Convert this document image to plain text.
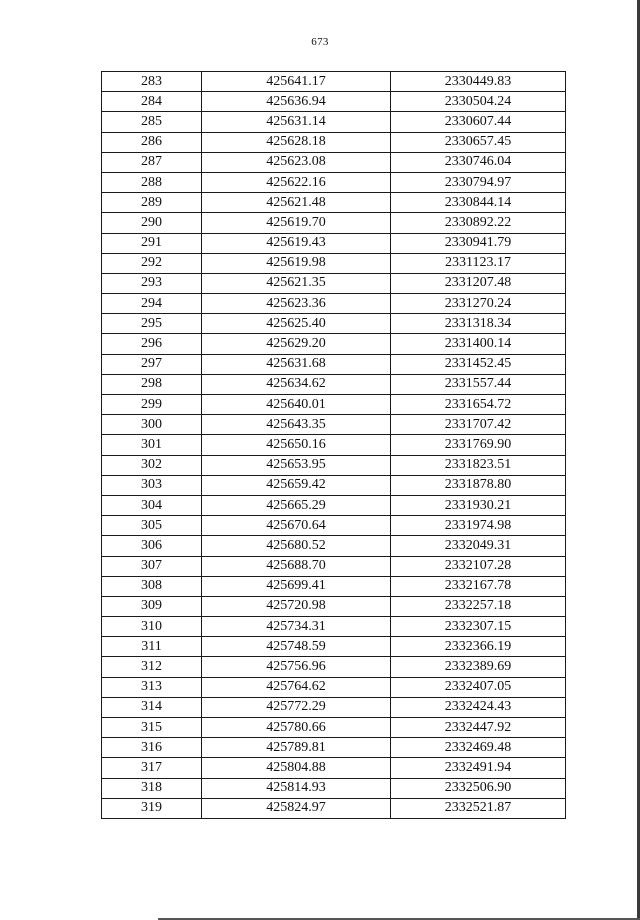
673
283	425641.17	2330449.83
284	425636.94	2330504.24
285	425631.14	2330607.44
286	425628.18	2330657.45
287	425623.08	2330746.04
288	425622.16	2330794.97
289	425621.48	2330844.14
290	425619.70	2330892.22
291	425619.43	2330941.79
292	425619.98	2331123.17
293	425621.35	2331207.48
294	425623.36	2331270.24
295	425625.40	2331318.34
296	425629.20	2331400.14
297	425631.68	2331452.45
298	425634.62	2331557.44
299	425640.01	2331654.72
300	425643.35	2331707.42
301	425650.16	2331769.90
302	425653.95	2331823.51
303	425659.42	2331878.80
304	425665.29	2331930.21
305	425670.64	2331974.98
306	425680.52	2332049.31
307	425688.70	2332107.28
308	425699.41	2332167.78
309	425720.98	2332257.18
310	425734.31	2332307.15
311	425748.59	2332366.19
312	425756.96	2332389.69
313	425764.62	2332407.05
314	425772.29	2332424.43
315	425780.66	2332447.92
316	425789.81	2332469.48
317	425804.88	2332491.94
318	425814.93	2332506.90
319	425824.97	2332521.87
